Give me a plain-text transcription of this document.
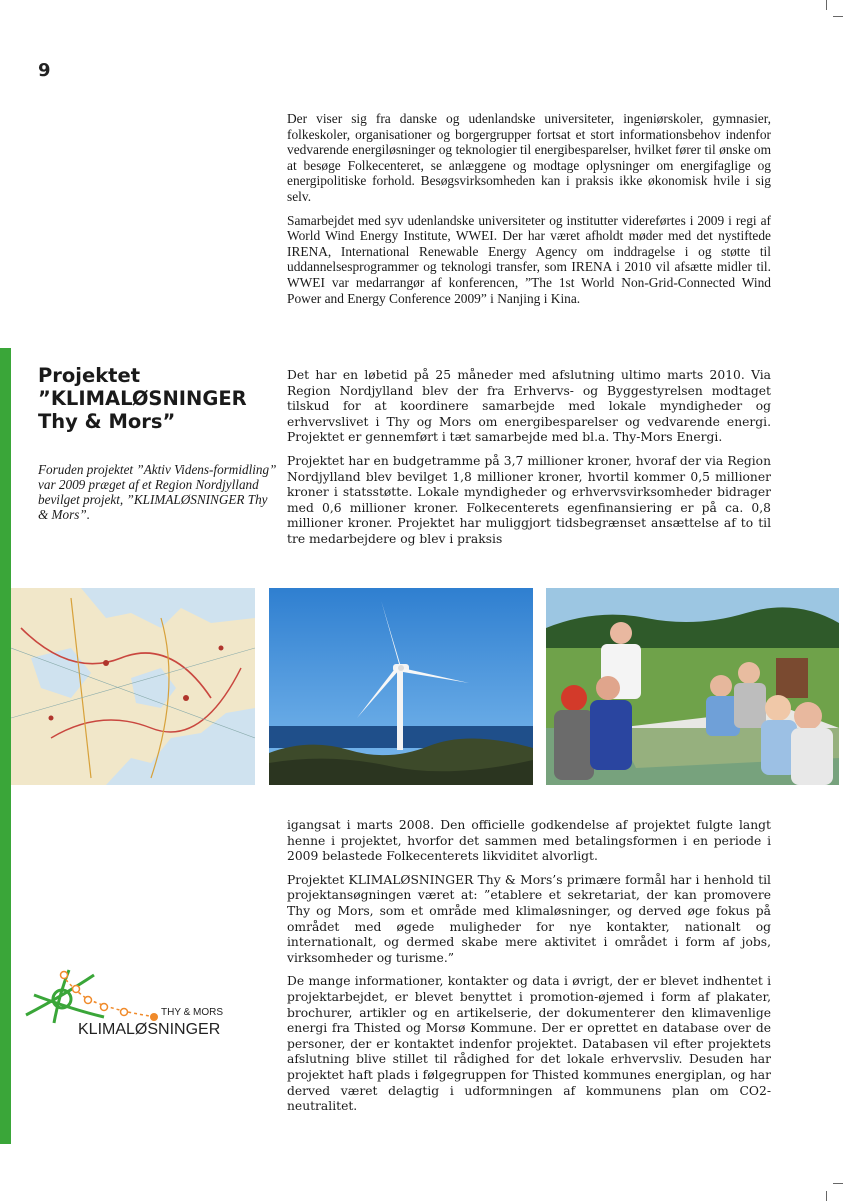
9

Der viser sig fra danske og udenlandske universiteter, ingeniørskoler, gymnasier, folkeskoler, organisationer og borgergrupper fortsat et stort informationsbehov indenfor vedvarende energiløsninger og teknologier til energibesparelser, hvilket fører til ønske om at besøge Folkecenteret, se anlæggene og modtage oplysninger om energifaglige og energipolitiske forhold. Besøgsvirksomheden kan i praksis ikke økonomisk hvile i sig selv.

Samarbejdet med syv udenlandske universiteter og institutter videreførtes i 2009 i regi af World Wind Energy Institute, WWEI. Der har været afholdt møder med det nystiftede IRENA, International Renewable Energy Agency om inddragelse i og støtte til uddannelsesprogrammer og teknologi transfer, som IRENA i 2010 vil afsætte midler til. WWEI var medarrangør af konferencen, ”The 1st World Non-Grid-Connected Wind Power and Energy Conference 2009” i Nanjing i Kina.

Projektet
”KLIMALØSNINGER
Thy & Mors”
Foruden projektet ”Aktiv Videns-formidling” var 2009 præget af et Region Nordjylland bevilget projekt, ”KLIMALØSNINGER Thy & Mors”.

Det har en løbetid på 25 måneder med afslutning ultimo marts 2010. Via Region Nordjylland blev der fra Erhvervs- og Byggestyrelsen modtaget tilskud for at koordinere samarbejde med lokale myndigheder og erhvervslivet i Thy og Mors om energibesparelser og vedvarende energi. Projektet er gennemført i tæt samarbejde med bl.a. Thy-Mors Energi.

Projektet har en budgetramme på 3,7 millioner kroner, hvoraf der via Region Nordjylland blev bevilget 1,8 millioner kroner, hvortil kommer 0,5 millioner kroner i statsstøtte. Lokale myndigheder og erhvervsvirksomheder bidrager med 0,6 millioner kroner. Folkecenterets egenfinansiering er på ca. 0,8 millioner kroner. Projektet har muliggjort tidsbegrænset ansættelse af to til tre medarbejdere og blev i praksis

igangsat i marts 2008. Den officielle godkendelse af projektet fulgte langt henne i projektet, hvorfor det sammen med betalingsformen i en periode i 2009 belastede Folkecenterets likviditet alvorligt.

Projektet KLIMALØSNINGER Thy & Mors’s primære formål har i henhold til projektansøgningen været at: ”etablere et sekretariat, der kan promovere Thy og Mors, som et område med klimaløsninger, og derved øge fokus på området med øgede muligheder for nye kontakter, nationalt og internationalt, og dermed skabe mere aktivitet i området i form af jobs, virksomheder og turisme.”

De mange informationer, kontakter og data i øvrigt, der er blevet indhentet i projektarbejdet, er blevet benyttet i promotion-øjemed i form af plakater, brochurer, artikler og en artikelserie, der dokumenterer den klimavenlige energi fra Thisted og Morsø Kommune. Der er oprettet en database over de personer, der er kontaktet indenfor projektet. Databasen vil efter projektets afslutning blive stillet til rådighed for det lokale erhvervsliv. Desuden har projektet haft plads i følgegruppen for Thisted kommunes energiplan, og har derved været delagtig i udformningen af kommunens plan om CO2-neutralitet.

THY & MORS
KLIMALØSNINGER
